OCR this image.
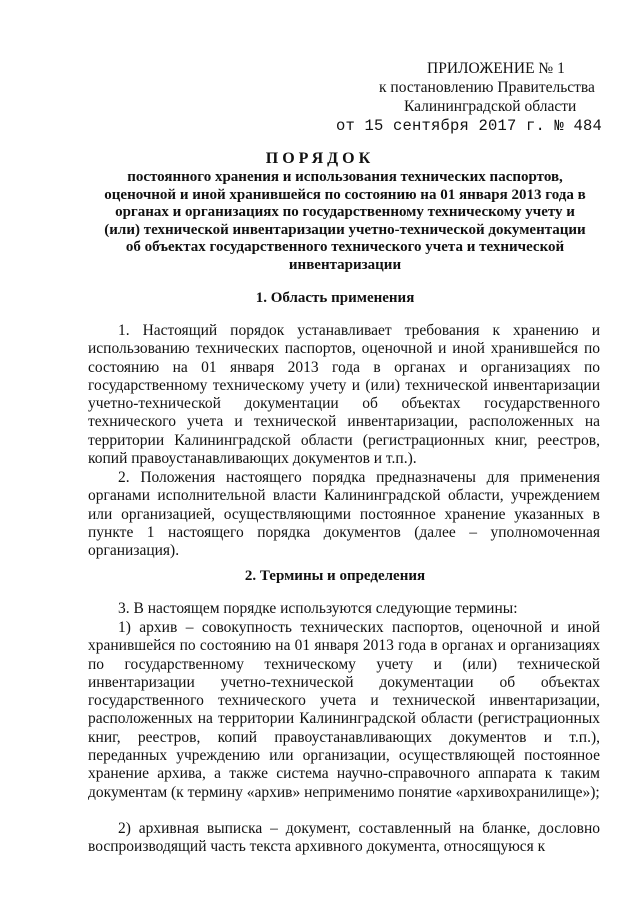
ПРИЛОЖЕНИЕ № 1
к постановлению Правительства
Калининградской области
от 15 сентября 2017 г. № 484
ПОРЯДОК
постоянного хранения и использования технических паспортов, оценочной и иной хранившейся по состоянию на 01 января 2013 года в органах и организациях по государственному техническому учету и (или) технической инвентаризации учетно-технической документации об объектах государственного технического учета и технической инвентаризации
1. Область применения
1. Настоящий порядок устанавливает требования к хранению и использованию технических паспортов, оценочной и иной хранившейся по состоянию на 01 января 2013 года в органах и организациях по государственному техническому учету и (или) технической инвентаризации учетно-технической документации об объектах государственного технического учета и технической инвентаризации, расположенных на территории Калининградской области (регистрационных книг, реестров, копий правоустанавливающих документов и т.п.).
2. Положения настоящего порядка предназначены для применения органами исполнительной власти Калининградской области, учреждением или организацией, осуществляющими постоянное хранение указанных в пункте 1 настоящего порядка документов (далее – уполномоченная организация).
2. Термины и определения
3. В настоящем порядке используются следующие термины:
1) архив – совокупность технических паспортов, оценочной и иной хранившейся по состоянию на 01 января 2013 года в органах и организациях по государственному техническому учету и (или) технической инвентаризации учетно-технической документации об объектах государственного технического учета и технической инвентаризации, расположенных на территории Калининградской области (регистрационных книг, реестров, копий правоустанавливающих документов и т.п.), переданных учреждению или организации, осуществляющей постоянное хранение архива, а также система научно-справочного аппарата к таким документам (к термину «архив» неприменимо понятие «архивохранилище»);
2) архивная выписка – документ, составленный на бланке, дословно воспроизводящий часть текста архивного документа, относящуюся к
